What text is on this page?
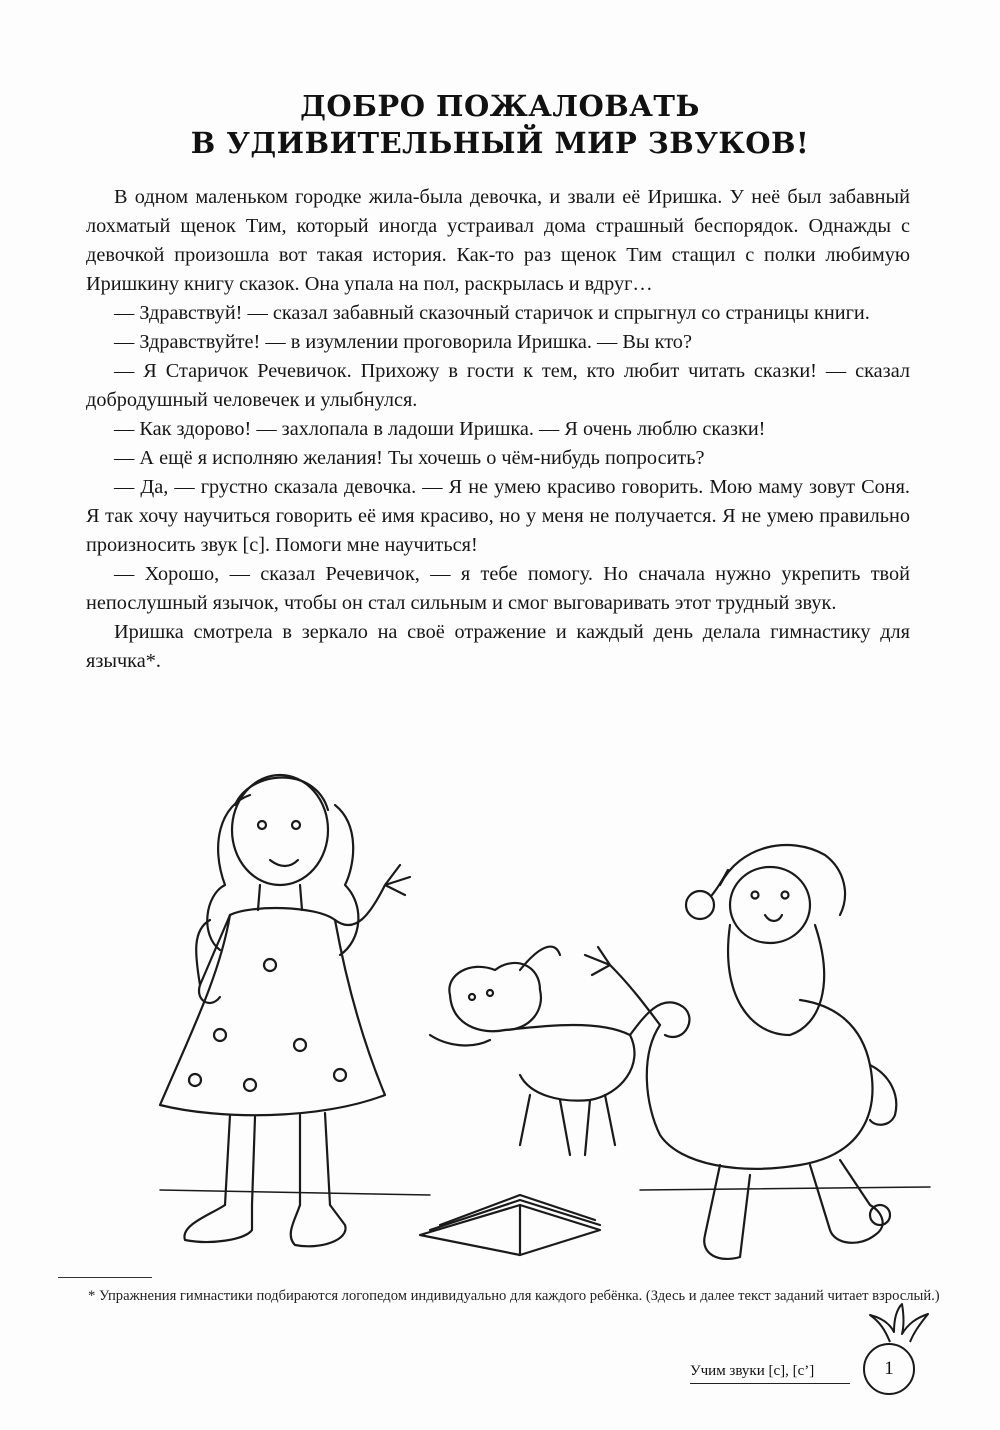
ДОБРО ПОЖАЛОВАТЬ
В УДИВИТЕЛЬНЫЙ МИР ЗВУКОВ!

В одном маленьком городке жила-была девочка, и звали её Иришка. У неё был забавный лохматый щенок Тим, который иногда устраивал дома страшный беспорядок. Однажды с девочкой произошла вот такая история. Как-то раз щенок Тим стащил с полки любимую Иришкину книгу сказок. Она упала на пол, раскрылась и вдруг…

— Здравствуй! — сказал забавный сказочный старичок и спрыгнул со страницы книги.

— Здравствуйте! — в изумлении проговорила Иришка. — Вы кто?

— Я Старичок Речевичок. Прихожу в гости к тем, кто любит читать сказки! — сказал добродушный человечек и улыбнулся.

— Как здорово! — захлопала в ладоши Иришка. — Я очень люблю сказки!

— А ещё я исполняю желания! Ты хочешь о чём-нибудь попросить?

— Да, — грустно сказала девочка. — Я не умею красиво говорить. Мою маму зовут Соня. Я так хочу научиться говорить её имя красиво, но у меня не получается. Я не умею правильно произносить звук [с]. Помоги мне научиться!

— Хорошо, — сказал Речевичок, — я тебе помогу. Но сначала нужно укрепить твой непослушный язычок, чтобы он стал сильным и смог выговаривать этот трудный звук.

Иришка смотрела в зеркало на своё отражение и каждый день делала гимнастику для язычка*.

* Упражнения гимнастики подбираются логопедом индивидуально для каждого ребёнка. (Здесь и далее текст заданий читает взрослый.)

Учим звуки [с], [с’]	1
